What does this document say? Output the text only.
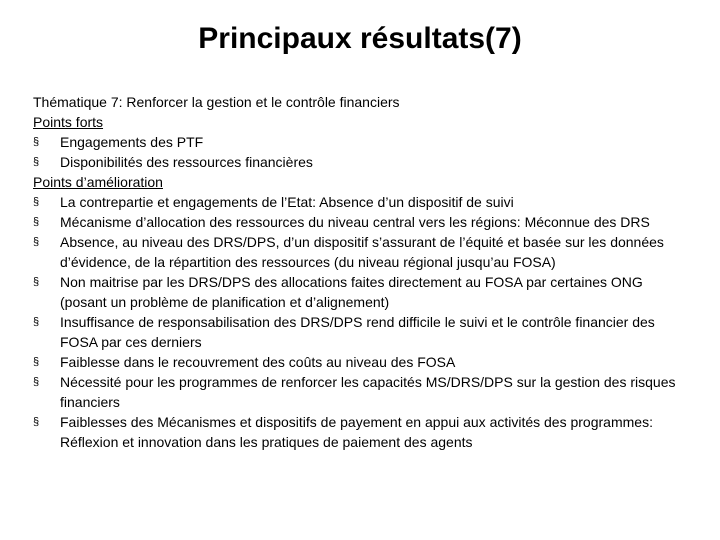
Principaux résultats(7)
Thématique 7: Renforcer la gestion et le contrôle financiers
Points forts
§ Engagements des PTF
§ Disponibilités des ressources financières
Points d’amélioration
§ La contrepartie et engagements de l’Etat: Absence d’un dispositif de suivi
§ Mécanisme d’allocation des ressources du niveau central vers les régions: Méconnue des DRS
§ Absence, au niveau des DRS/DPS, d’un dispositif s’assurant de l’équité et basée sur les données d’évidence, de la répartition des ressources (du niveau régional jusqu’au FOSA)
§ Non maitrise par les DRS/DPS des allocations faites directement au FOSA par certaines ONG (posant un problème de planification et d’alignement)
§ Insuffisance de responsabilisation des DRS/DPS rend difficile le suivi et le contrôle financier des FOSA par ces derniers
§ Faiblesse dans le recouvrement des coûts au niveau des FOSA
§ Nécessité pour les programmes de renforcer les capacités MS/DRS/DPS sur la gestion des risques financiers
§ Faiblesses des Mécanismes et dispositifs de payement en appui aux activités des programmes: Réflexion et innovation dans les pratiques de paiement des agents
